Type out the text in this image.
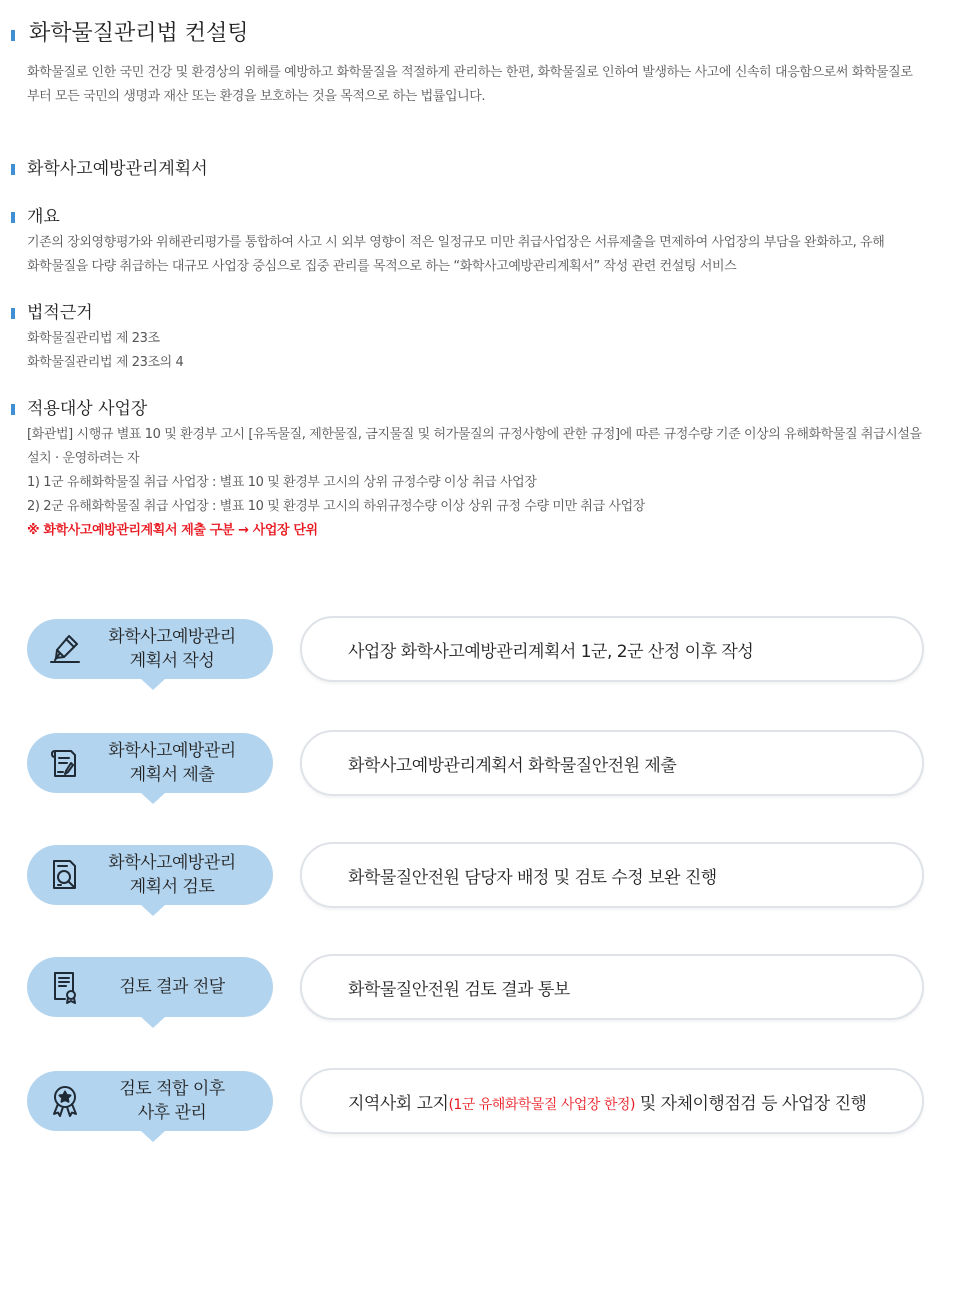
화학물질관리법 컨설팅
화학물질로 인한 국민 건강 및 환경상의 위해를 예방하고 화학물질을 적절하게 관리하는 한편, 화학물질로 인하여 발생하는 사고에 신속히 대응함으로써 화학물질로
부터 모든 국민의 생명과 재산 또는 환경을 보호하는 것을 목적으로 하는 법률입니다.
화학사고예방관리계획서
개요
기존의 장외영향평가와 위해관리평가를 통합하여 사고 시 외부 영향이 적은 일정규모 미만 취급사업장은 서류제출을 면제하여 사업장의 부담을 완화하고, 유해
화학물질을 다량 취급하는 대규모 사업장 중심으로 집중 관리를 목적으로 하는 “화학사고예방관리계획서” 작성 관련 컨설팅 서비스
법적근거
화학물질관리법 제 23조
화학물질관리법 제 23조의 4
적용대상 사업장
[화관법] 시행규 별표 10 및 환경부 고시 [유독물질, 제한물질, 금지물질 및 허가물질의 규정사항에 관한 규정]에 따른 규정수량 기준 이상의 유해화학물질 취급시설을
설치 · 운영하려는 자
1) 1군 유해화학물질 취급 사업장 : 별표 10 및 환경부 고시의 상위 규정수량 이상 취급 사업장
2) 2군 유해화학물질 취급 사업장 : 별표 10 및 환경부 고시의 하위규정수량 이상 상위 규정 수량 미만 취급 사업장
※ 화학사고예방관리계획서 제출 구분 → 사업장 단위
화학사고예방관리
계획서 작성	사업장 화학사고예방관리계획서 1군, 2군 산정 이후 작성
화학사고예방관리
계획서 제출	화학사고예방관리계획서 화학물질안전원 제출
화학사고예방관리
계획서 검토	화학물질안전원 담당자 배정 및 검토 수정 보완 진행
검토 결과 전달	화학물질안전원 검토 결과 통보
검토 적합 이후
사후 관리	지역사회 고지(1군 유해화학물질 사업장 한정) 및 자체이행점검 등 사업장 진행
